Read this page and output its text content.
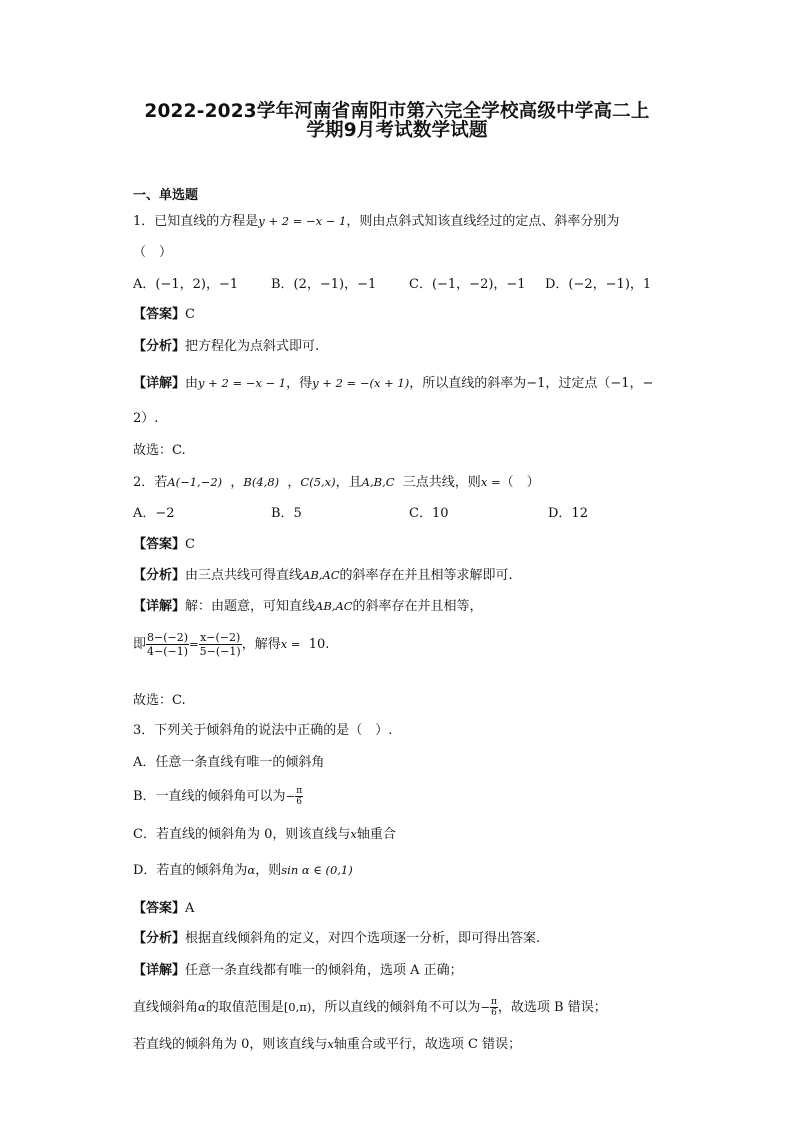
2022-2023学年河南省南阳市第六完全学校高级中学高二上
学期9月考试数学试题
一、单选题
1．已知直线的方程是y + 2 = −x − 1，则由点斜式知该直线经过的定点、斜率分别为
（　）
A．(−1，2)，−1	B．(2，−1)，−1	C．(−1，−2)，−1 D．(−2，−1)，1
【答案】C
【分析】把方程化为点斜式即可.
【详解】由y + 2 = −x − 1，得y + 2 = −(x + 1)，所以直线的斜率为−1，过定点（−1，−
2）.
故选：C.
2．若A(−1,−2) ，B(4,8) ，C(5,x)，且A,B,C 三点共线，则x =（　）
A．−2	B．5	C．10	D．12
【答案】C
【分析】由三点共线可得直线AB,AC的斜率存在并且相等求解即可.
【详解】解：由题意，可知直线AB,AC的斜率存在并且相等，
即 $\frac{8-(-2)}{4-(-1)} = \frac{x-(-2)}{5-(-1)}$ ，解得x = 10.
故选：C.
3．下列关于倾斜角的说法中正确的是（　）.
A．任意一条直线有唯一的倾斜角
B．一直线的倾斜角可以为− $\frac{\pi}{6}$
C．若直线的倾斜角为 0，则该直线与x轴重合
D．若直的倾斜角为α，则sin α ∈ (0,1)
【答案】A
【分析】根据直线倾斜角的定义，对四个选项逐一分析，即可得出答案.
【详解】任意一条直线都有唯一的倾斜角，选项 A 正确；
直线倾斜角α的取值范围是[0,π)，所以直线的倾斜角不可以为− $\frac{\pi}{6}$ ，故选项 B 错误；
若直线的倾斜角为 0，则该直线与x轴重合或平行，故选项 C 错误；
